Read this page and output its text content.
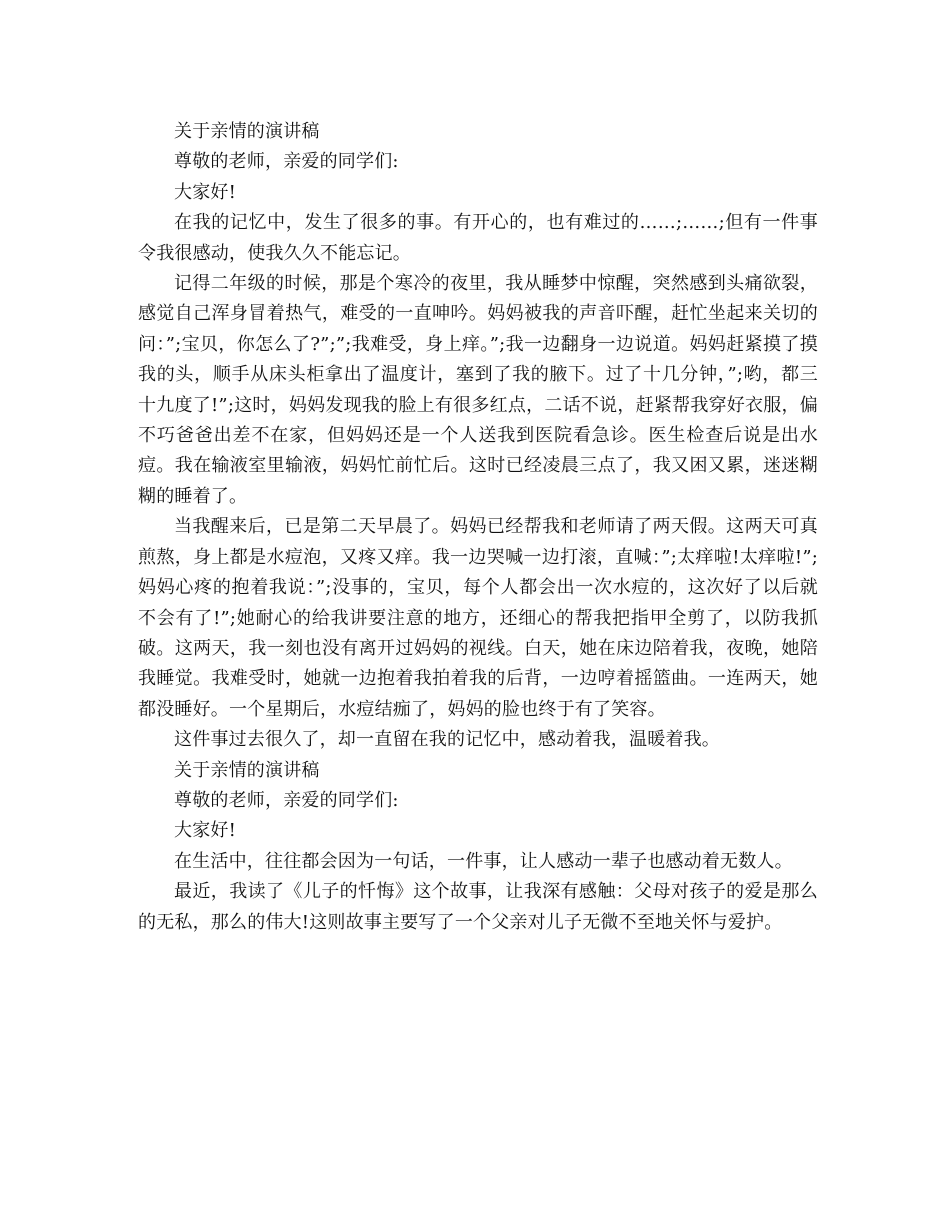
关于亲情的演讲稿

尊敬的老师，亲爱的同学们:

大家好!

在我的记忆中，发生了很多的事。有开心的，也有难过的……;……;但有一件事令我很感动，使我久久不能忘记。

记得二年级的时候，那是个寒冷的夜里，我从睡梦中惊醒，突然感到头痛欲裂，感觉自己浑身冒着热气，难受的一直呻吟。妈妈被我的声音吓醒，赶忙坐起来关切的问：”;宝贝，你怎么了?”;”;我难受，身上痒。”;我一边翻身一边说道。妈妈赶紧摸了摸我的头，顺手从床头柜拿出了温度计，塞到了我的腋下。过了十几分钟，”;哟，都三十九度了!”;这时，妈妈发现我的脸上有很多红点，二话不说，赶紧帮我穿好衣服，偏不巧爸爸出差不在家，但妈妈还是一个人送我到医院看急诊。医生检查后说是出水痘。我在输液室里输液，妈妈忙前忙后。这时已经凌晨三点了，我又困又累，迷迷糊糊的睡着了。

当我醒来后，已是第二天早晨了。妈妈已经帮我和老师请了两天假。这两天可真煎熬，身上都是水痘泡，又疼又痒。我一边哭喊一边打滚，直喊：”;太痒啦!太痒啦!”;妈妈心疼的抱着我说：”;没事的，宝贝，每个人都会出一次水痘的，这次好了以后就不会有了!”;她耐心的给我讲要注意的地方，还细心的帮我把指甲全剪了，以防我抓破。这两天，我一刻也没有离开过妈妈的视线。白天，她在床边陪着我，夜晚，她陪我睡觉。我难受时，她就一边抱着我拍着我的后背，一边哼着摇篮曲。一连两天，她都没睡好。一个星期后，水痘结痂了，妈妈的脸也终于有了笑容。

这件事过去很久了，却一直留在我的记忆中，感动着我，温暖着我。

关于亲情的演讲稿

尊敬的老师，亲爱的同学们:

大家好!

在生活中，往往都会因为一句话，一件事，让人感动一辈子也感动着无数人。

最近，我读了《儿子的忏悔》这个故事，让我深有感触：父母对孩子的爱是那么的无私，那么的伟大!这则故事主要写了一个父亲对儿子无微不至地关怀与爱护。
